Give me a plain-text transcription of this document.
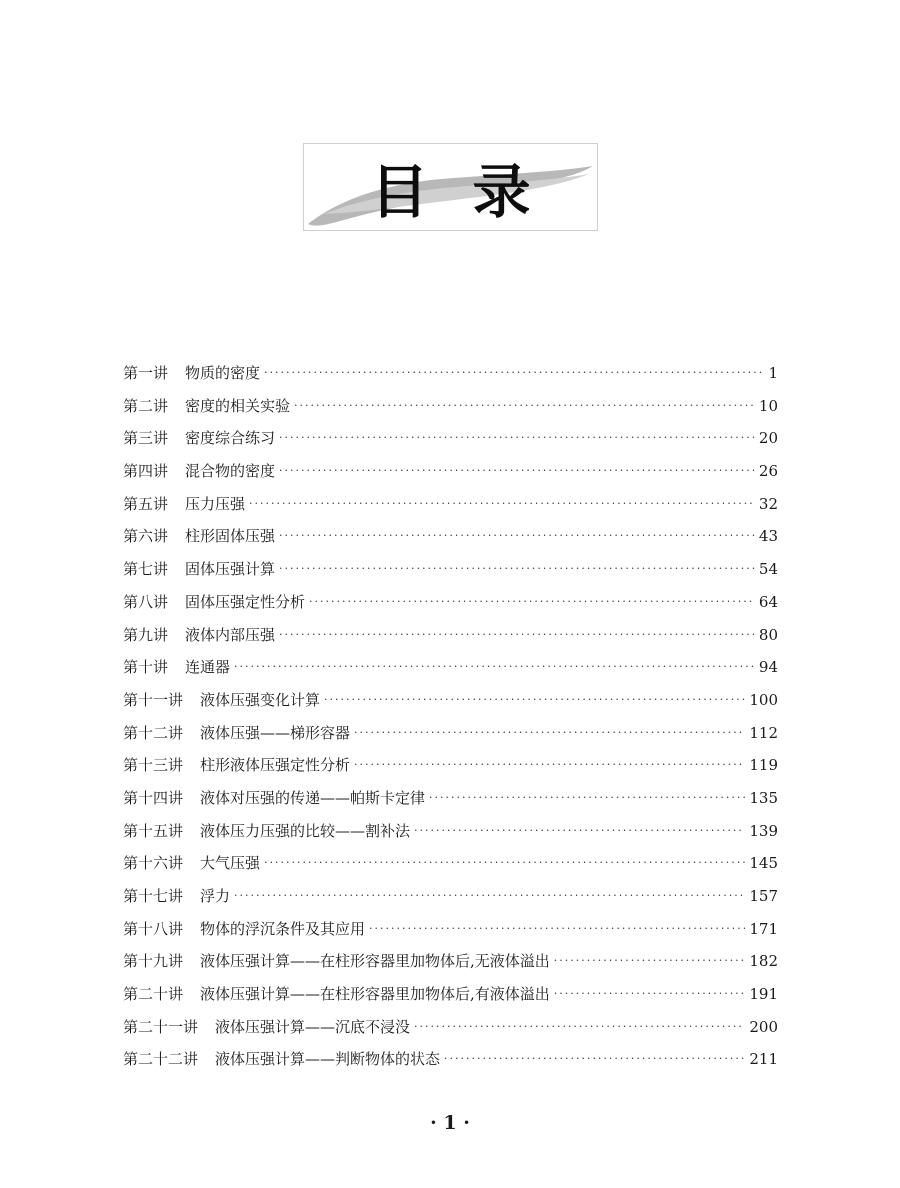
目录
第一讲 物质的密度 ·····	1
第二讲 密度的相关实验 ·····	10
第三讲 密度综合练习 ·····	20
第四讲 混合物的密度 ·····	26
第五讲 压力压强 ·····	32
第六讲 柱形固体压强 ·····	43
第七讲 固体压强计算 ·····	54
第八讲 固体压强定性分析 ·····	64
第九讲 液体内部压强 ·····	80
第十讲 连通器 ·····	94
第十一讲 液体压强变化计算 ·····	100
第十二讲 液体压强——梯形容器 ·····	112
第十三讲 柱形液体压强定性分析 ·····	119
第十四讲 液体对压强的传递——帕斯卡定律 ·····	135
第十五讲 液体压力压强的比较——割补法 ·····	139
第十六讲 大气压强 ·····	145
第十七讲 浮力 ·····	157
第十八讲 物体的浮沉条件及其应用 ·····	171
第十九讲 液体压强计算——在柱形容器里加物体后,无液体溢出 ·····	182
第二十讲 液体压强计算——在柱形容器里加物体后,有液体溢出 ·····	191
第二十一讲 液体压强计算——沉底不浸没 ·····	200
第二十二讲 液体压强计算——判断物体的状态 ·····	211
· 1 ·
